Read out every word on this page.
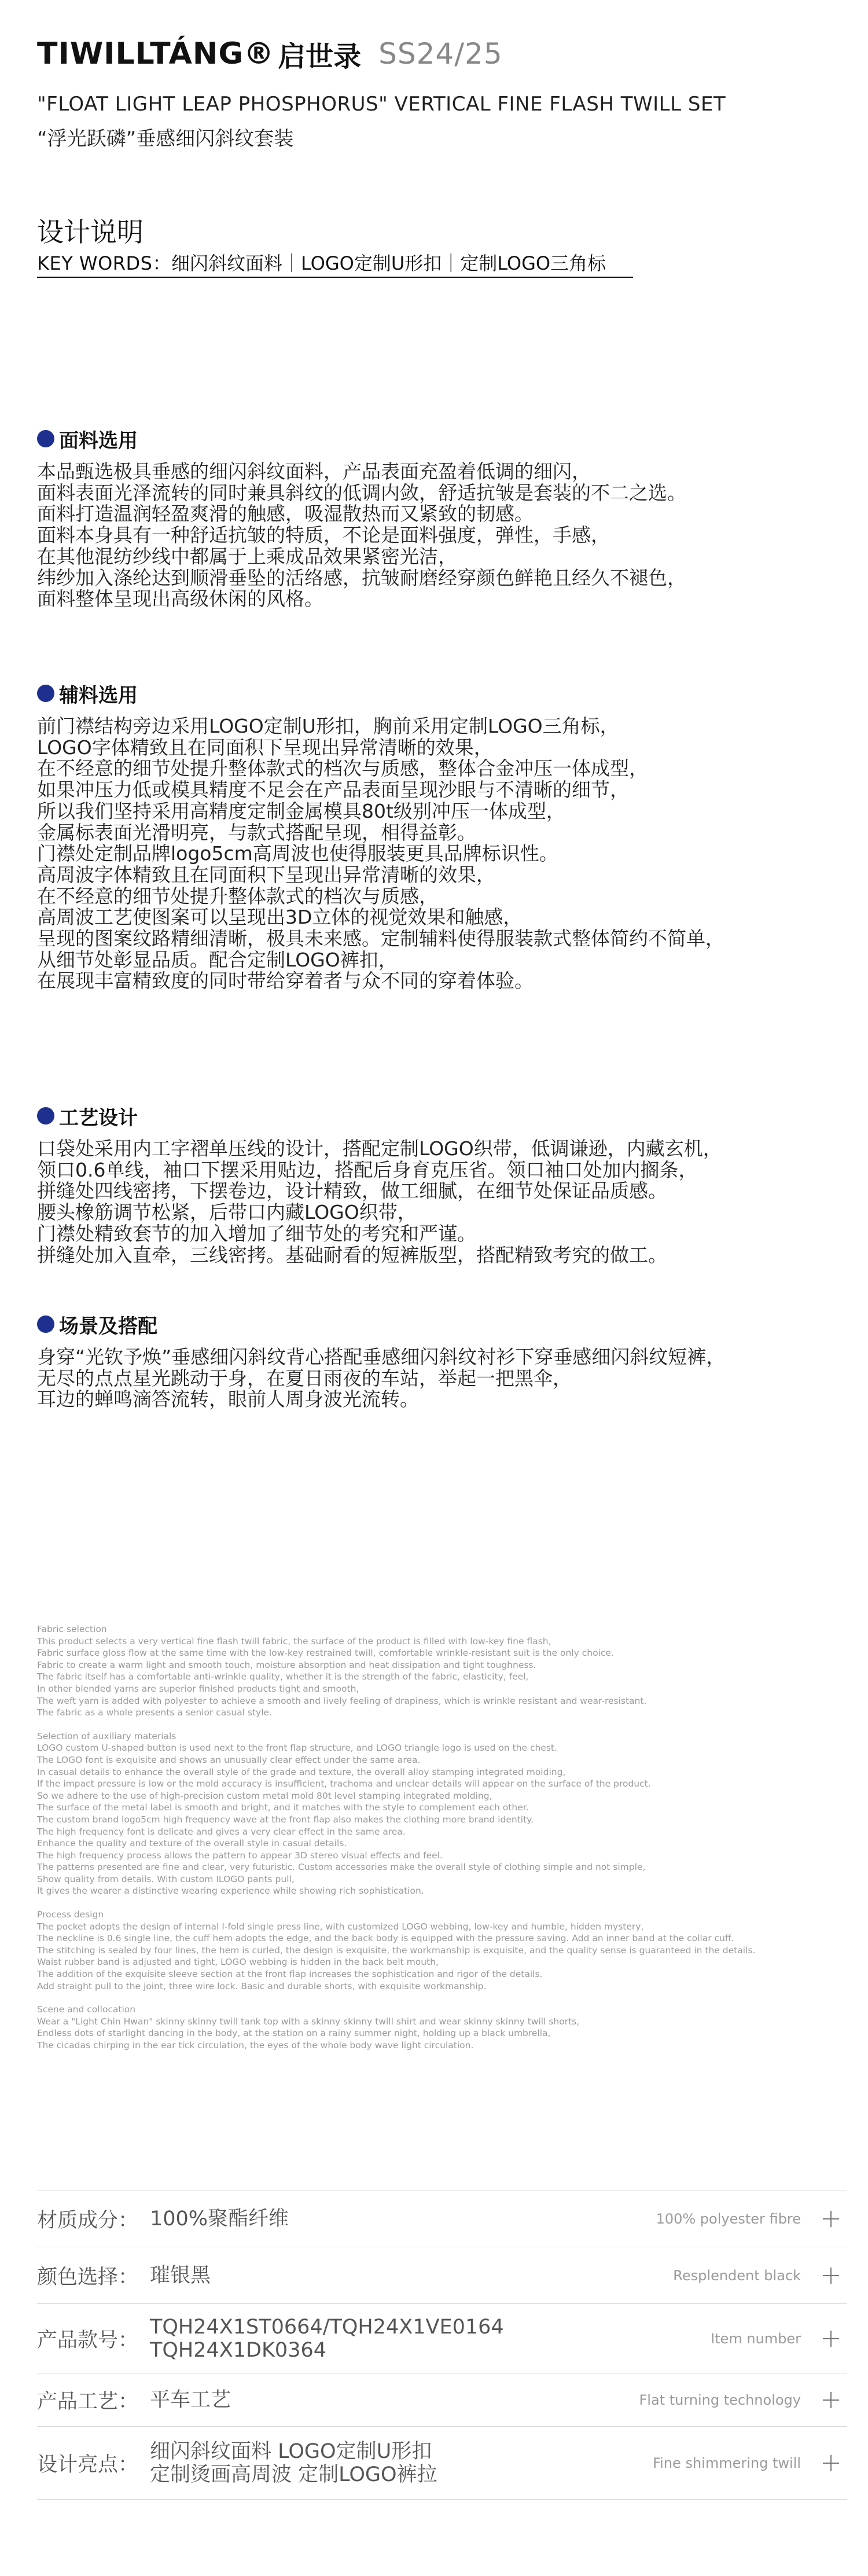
TIWILLTÁNG® 启世录 SS24/25
"FLOAT LIGHT LEAP PHOSPHORUS" VERTICAL FINE FLASH TWILL SET
“浮光跃磷”垂感细闪斜纹套装
设计说明
KEY WORDS：细闪斜纹面料｜LOGO定制U形扣｜定制LOGO三角标
面料选用
本品甄选极具垂感的细闪斜纹面料，产品表面充盈着低调的细闪，
面料表面光泽流转的同时兼具斜纹的低调内敛，舒适抗皱是套装的不二之选。
面料打造温润轻盈爽滑的触感，吸湿散热而又紧致的韧感。
面料本身具有一种舒适抗皱的特质，不论是面料强度，弹性，手感，
在其他混纺纱线中都属于上乘成品效果紧密光洁，
纬纱加入涤纶达到顺滑垂坠的活络感，抗皱耐磨经穿颜色鲜艳且经久不褪色，
面料整体呈现出高级休闲的风格。
辅料选用
前门襟结构旁边采用LOGO定制U形扣，胸前采用定制LOGO三角标，
LOGO字体精致且在同面积下呈现出异常清晰的效果，
在不经意的细节处提升整体款式的档次与质感，整体合金冲压一体成型，
如果冲压力低或模具精度不足会在产品表面呈现沙眼与不清晰的细节，
所以我们坚持采用高精度定制金属模具80t级别冲压一体成型，
金属标表面光滑明亮，与款式搭配呈现，相得益彰。
门襟处定制品牌logo5cm高周波也使得服装更具品牌标识性。
高周波字体精致且在同面积下呈现出异常清晰的效果，
在不经意的细节处提升整体款式的档次与质感，
高周波工艺使图案可以呈现出3D立体的视觉效果和触感，
呈现的图案纹路精细清晰，极具未来感。定制辅料使得服装款式整体简约不简单，
从细节处彰显品质。配合定制LOGO裤扣，
在展现丰富精致度的同时带给穿着者与众不同的穿着体验。
工艺设计
口袋处采用内工字褶单压线的设计，搭配定制LOGO织带，低调谦逊，内藏玄机，
领口0.6单线，袖口下摆采用贴边，搭配后身育克压省。领口袖口处加内搁条，
拼缝处四线密拷，下摆卷边，设计精致，做工细腻，在细节处保证品质感。
腰头橡筋调节松紧，后带口内藏LOGO织带，
门襟处精致套节的加入增加了细节处的考究和严谨。
拼缝处加入直牵，三线密拷。基础耐看的短裤版型，搭配精致考究的做工。
场景及搭配
身穿“光钦予焕”垂感细闪斜纹背心搭配垂感细闪斜纹衬衫下穿垂感细闪斜纹短裤，
无尽的点点星光跳动于身，在夏日雨夜的车站，举起一把黑伞，
耳边的蝉鸣滴答流转，眼前人周身波光流转。
Fabric selection
This product selects a very vertical fine flash twill fabric, the surface of the product is filled with low-key fine flash,
Fabric surface gloss flow at the same time with the low-key restrained twill, comfortable wrinkle-resistant suit is the only choice.
Fabric to create a warm light and smooth touch, moisture absorption and heat dissipation and tight toughness.
The fabric itself has a comfortable anti-wrinkle quality, whether it is the strength of the fabric, elasticity, feel,
In other blended yarns are superior finished products tight and smooth,
The weft yarn is added with polyester to achieve a smooth and lively feeling of drapiness, which is wrinkle resistant and wear-resistant.
The fabric as a whole presents a senior casual style.
Selection of auxiliary materials
LOGO custom U-shaped button is used next to the front flap structure, and LOGO triangle logo is used on the chest.
The LOGO font is exquisite and shows an unusually clear effect under the same area.
In casual details to enhance the overall style of the grade and texture, the overall alloy stamping integrated molding,
If the impact pressure is low or the mold accuracy is insufficient, trachoma and unclear details will appear on the surface of the product.
So we adhere to the use of high-precision custom metal mold 80t level stamping integrated molding,
The surface of the metal label is smooth and bright, and it matches with the style to complement each other.
The custom brand logo5cm high frequency wave at the front flap also makes the clothing more brand identity.
The high frequency font is delicate and gives a very clear effect in the same area.
Enhance the quality and texture of the overall style in casual details.
The high frequency process allows the pattern to appear 3D stereo visual effects and feel.
The patterns presented are fine and clear, very futuristic. Custom accessories make the overall style of clothing simple and not simple,
Show quality from details. With custom ILOGO pants pull,
It gives the wearer a distinctive wearing experience while showing rich sophistication.
Process design
The pocket adopts the design of internal I-fold single press line, with customized LOGO webbing, low-key and humble, hidden mystery,
The neckline is 0.6 single line, the cuff hem adopts the edge, and the back body is equipped with the pressure saving. Add an inner band at the collar cuff.
The stitching is sealed by four lines, the hem is curled, the design is exquisite, the workmanship is exquisite, and the quality sense is guaranteed in the details.
Waist rubber band is adjusted and tight, LOGO webbing is hidden in the back belt mouth,
The addition of the exquisite sleeve section at the front flap increases the sophistication and rigor of the details.
Add straight pull to the joint, three wire lock. Basic and durable shorts, with exquisite workmanship.
Scene and collocation
Wear a "Light Chin Hwan" skinny skinny twill tank top with a skinny skinny twill shirt and wear skinny skinny twill shorts,
Endless dots of starlight dancing in the body, at the station on a rainy summer night, holding up a black umbrella,
The cicadas chirping in the ear tick circulation, the eyes of the whole body wave light circulation.
材质成分： 100%聚酯纤维	100% polyester fibre
颜色选择： 璀银黑	Resplendent black
产品款号：
TQH24X1ST0664/TQH24X1VE0164
TQH24X1DK0364	Item number
产品工艺： 平车工艺	Flat turning technology
设计亮点：
细闪斜纹面料 LOGO定制U形扣
定制烫画高周波 定制LOGO裤拉	Fine shimmering twill
